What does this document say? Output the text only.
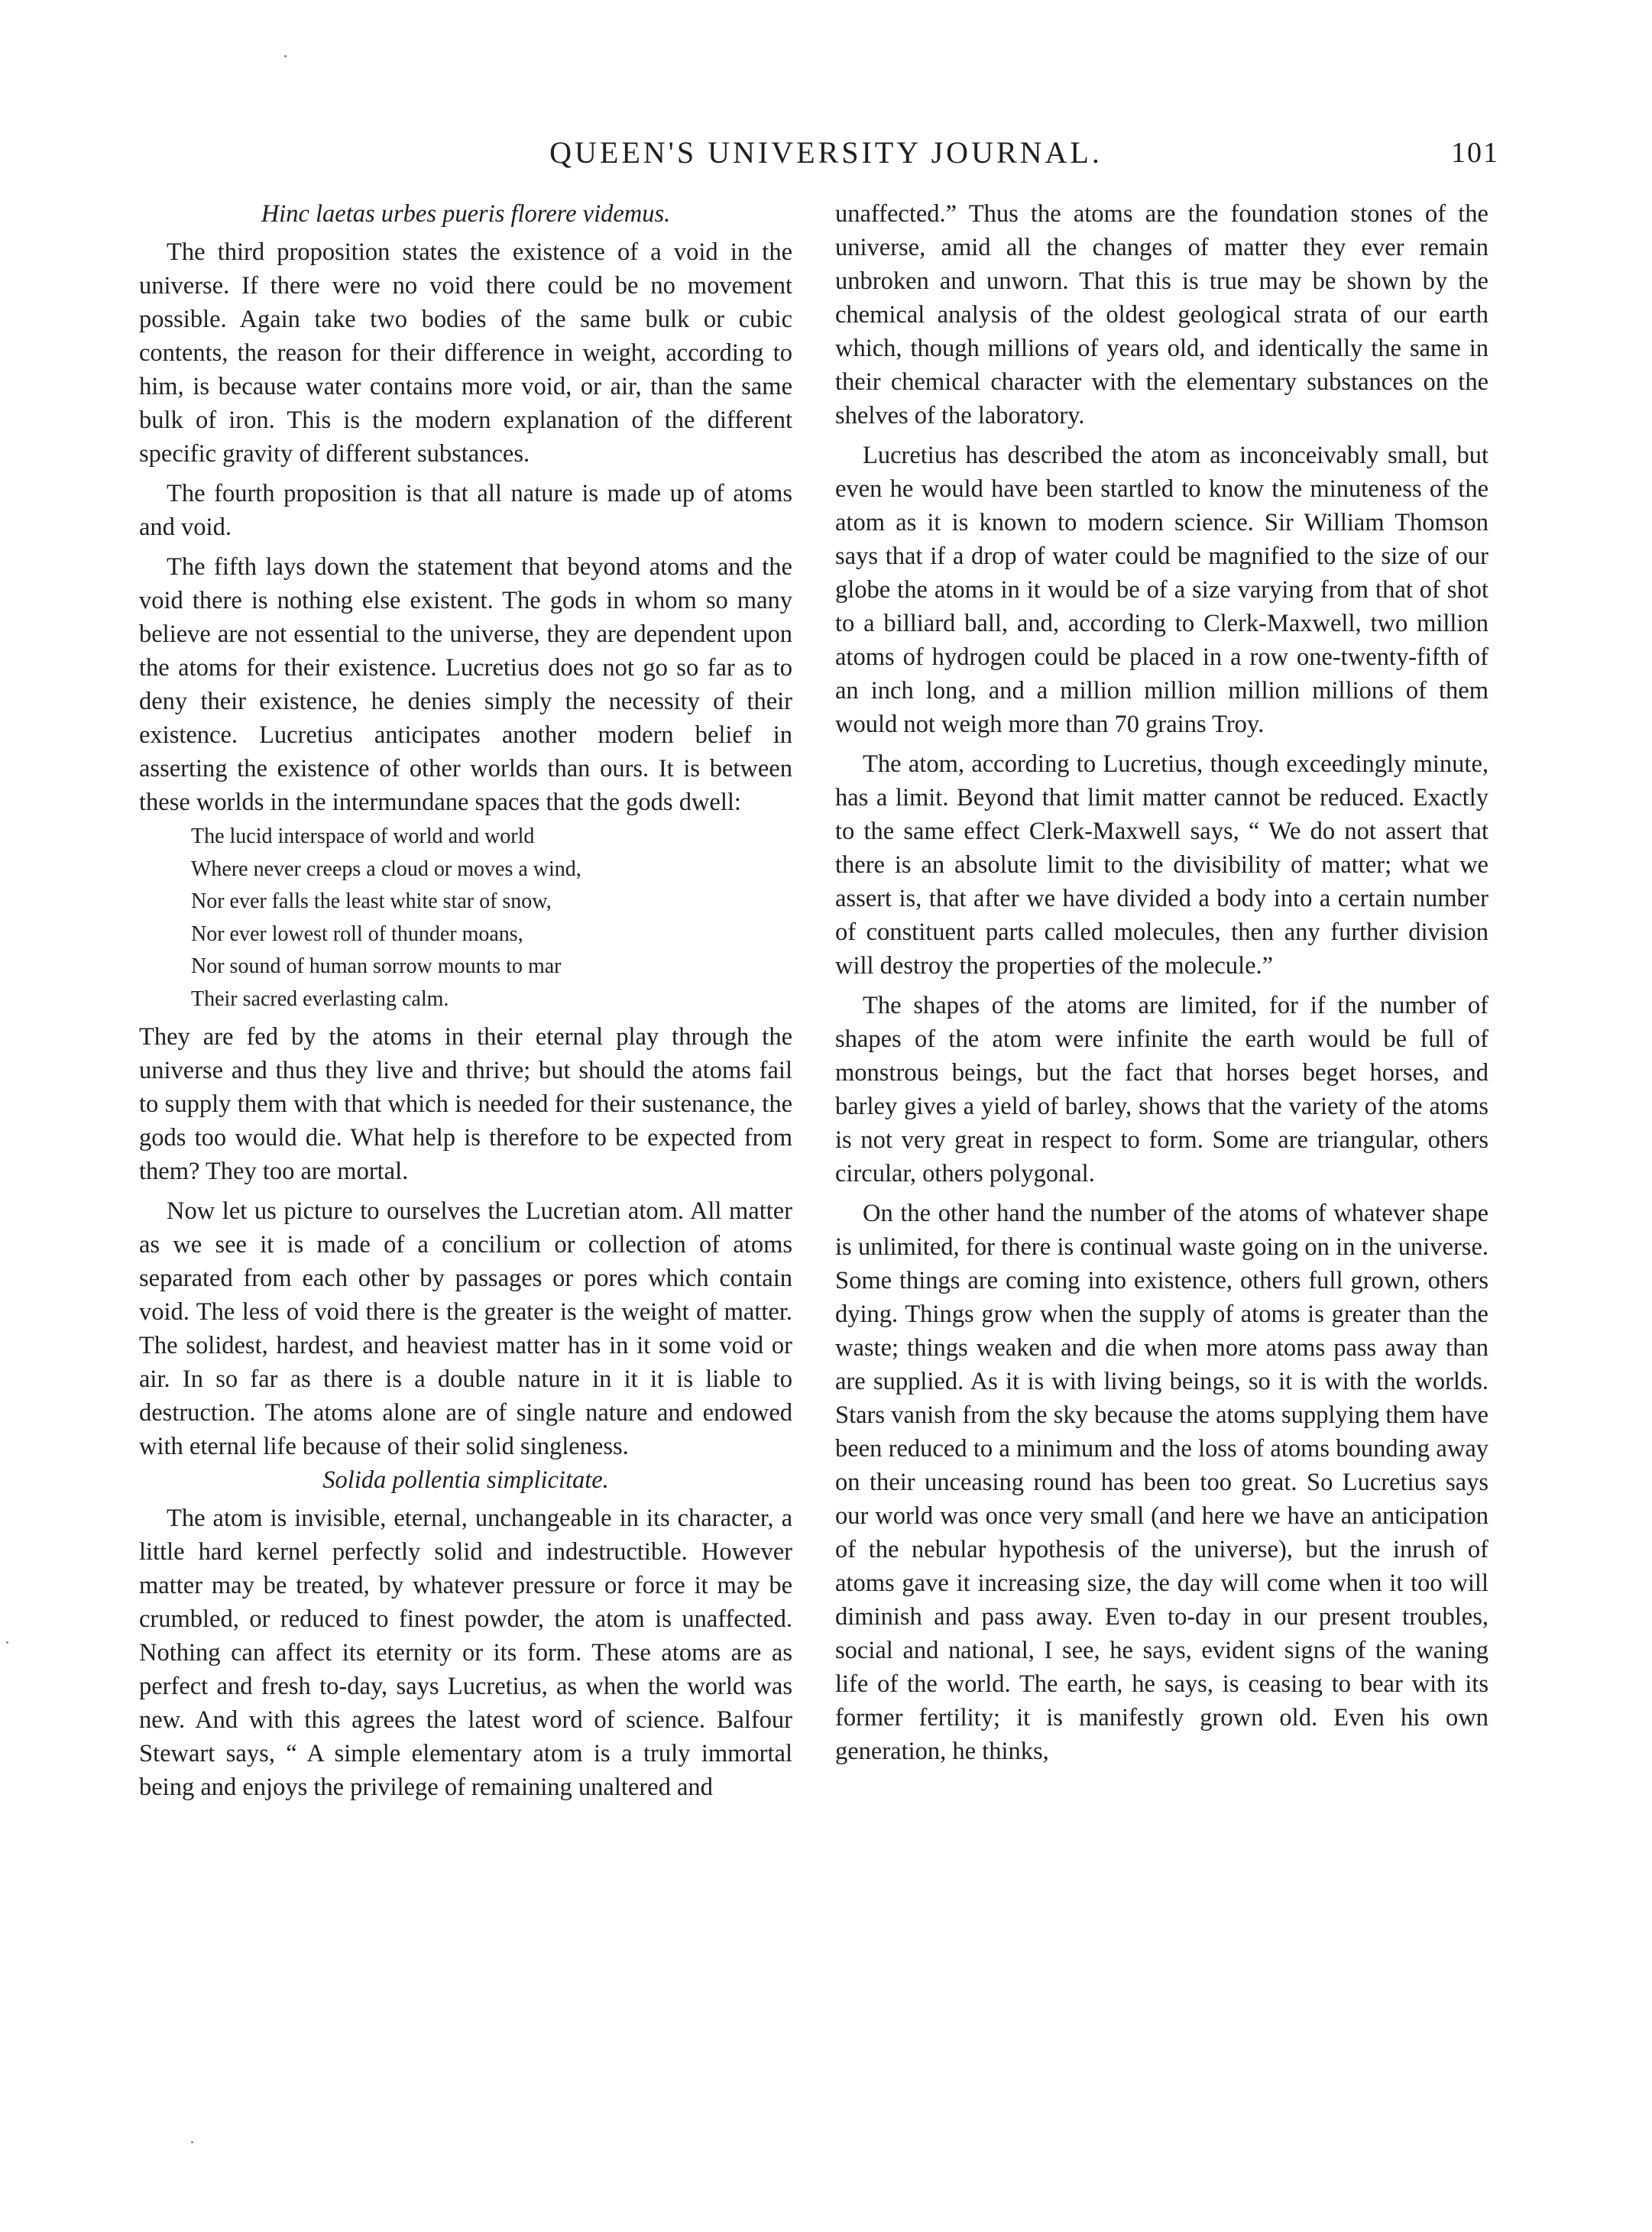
QUEEN'S UNIVERSITY JOURNAL.	101
Hinc laetas urbes pueris florere videmus.

The third proposition states the existence of a void in the universe. If there were no void there could be no movement possible. Again take two bodies of the same bulk or cubic contents, the reason for their difference in weight, according to him, is because water contains more void, or air, than the same bulk of iron. This is the modern explanation of the different specific gravity of different substances.

The fourth proposition is that all nature is made up of atoms and void.

The fifth lays down the statement that beyond atoms and the void there is nothing else existent. The gods in whom so many believe are not essential to the universe, they are dependent upon the atoms for their existence. Lucretius does not go so far as to deny their existence, he denies simply the necessity of their existence. Lucretius anticipates another modern belief in asserting the existence of other worlds than ours. It is between these worlds in the intermundane spaces that the gods dwell:

The lucid interspace of world and world
Where never creeps a cloud or moves a wind,
Nor ever falls the least white star of snow,
Nor ever lowest roll of thunder moans,
Nor sound of human sorrow mounts to mar
Their sacred everlasting calm.

They are fed by the atoms in their eternal play through the universe and thus they live and thrive; but should the atoms fail to supply them with that which is needed for their sustenance, the gods too would die. What help is therefore to be expected from them? They too are mortal.

Now let us picture to ourselves the Lucretian atom. All matter as we see it is made of a concilium or collection of atoms separated from each other by passages or pores which contain void. The less of void there is the greater is the weight of matter. The solidest, hardest, and heaviest matter has in it some void or air. In so far as there is a double nature in it it is liable to destruction. The atoms alone are of single nature and endowed with eternal life because of their solid singleness.

Solida pollentia simplicitate.

The atom is invisible, eternal, unchangeable in its character, a little hard kernel perfectly solid and indestructible. However matter may be treated, by whatever pressure or force it may be crumbled, or reduced to finest powder, the atom is unaffected. Nothing can affect its eternity or its form. These atoms are as perfect and fresh to-day, says Lucretius, as when the world was new. And with this agrees the latest word of science. Balfour Stewart says, “ A simple elementary atom is a truly immortal being and enjoys the privilege of remaining unaltered and

unaffected.” Thus the atoms are the foundation stones of the universe, amid all the changes of matter they ever remain unbroken and unworn. That this is true may be shown by the chemical analysis of the oldest geological strata of our earth which, though millions of years old, and identically the same in their chemical character with the elementary substances on the shelves of the laboratory.

Lucretius has described the atom as inconceivably small, but even he would have been startled to know the minuteness of the atom as it is known to modern science. Sir William Thomson says that if a drop of water could be magnified to the size of our globe the atoms in it would be of a size varying from that of shot to a billiard ball, and, according to Clerk-Maxwell, two million atoms of hydrogen could be placed in a row one-twenty-fifth of an inch long, and a million million million millions of them would not weigh more than 70 grains Troy.

The atom, according to Lucretius, though exceedingly minute, has a limit. Beyond that limit matter cannot be reduced. Exactly to the same effect Clerk-Maxwell says, “ We do not assert that there is an absolute limit to the divisibility of matter; what we assert is, that after we have divided a body into a certain number of constituent parts called molecules, then any further division will destroy the properties of the molecule.”

The shapes of the atoms are limited, for if the number of shapes of the atom were infinite the earth would be full of monstrous beings, but the fact that horses beget horses, and barley gives a yield of barley, shows that the variety of the atoms is not very great in respect to form. Some are triangular, others circular, others polygonal.

On the other hand the number of the atoms of whatever shape is unlimited, for there is continual waste going on in the universe. Some things are coming into existence, others full grown, others dying. Things grow when the supply of atoms is greater than the waste; things weaken and die when more atoms pass away than are supplied. As it is with living beings, so it is with the worlds. Stars vanish from the sky because the atoms supplying them have been reduced to a minimum and the loss of atoms bounding away on their unceasing round has been too great. So Lucretius says our world was once very small (and here we have an anticipation of the nebular hypothesis of the universe), but the inrush of atoms gave it increasing size, the day will come when it too will diminish and pass away. Even to-day in our present troubles, social and national, I see, he says, evident signs of the waning life of the world. The earth, he says, is ceasing to bear with its former fertility; it is manifestly grown old. Even his own generation, he thinks,
